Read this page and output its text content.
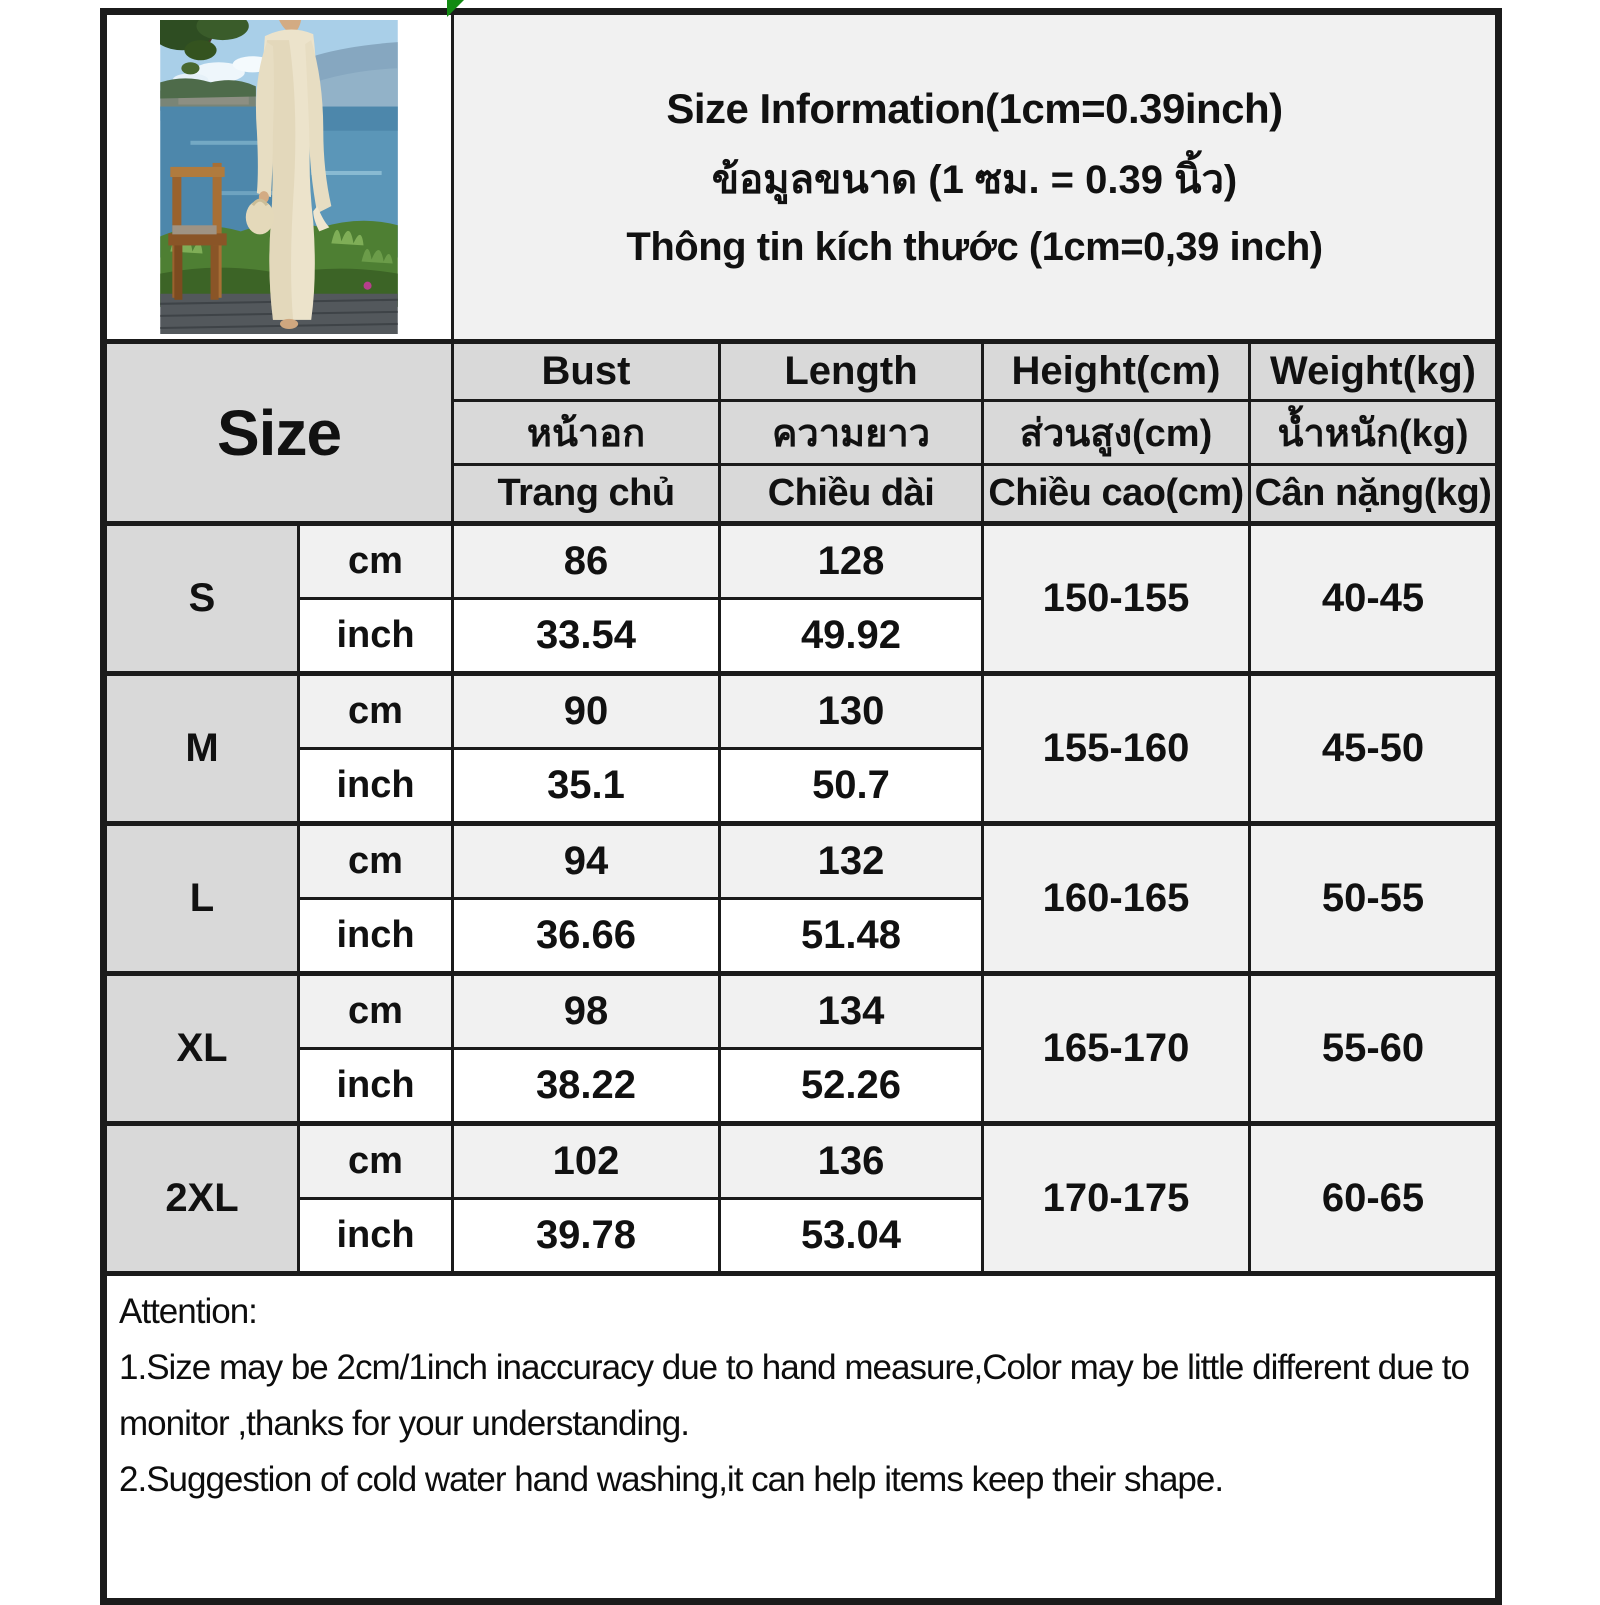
Size Information(1cm=0.39inch)
ข้อมูลขนาด (1 ซม. = 0.39 นิ้ว)
Thông tin kích thước (1cm=0,39 inch)			

Size		Bust	Length	Height(cm)	Weight(kg)
		หน้าอก	ความยาว	ส่วนสูง(cm)	น้ำหนัก(kg)
		Trang chủ	Chiều dài	Chiều cao(cm)	Cân nặng(kg)
S	cm	86	128	150-155	40-45
	inch	33.54	49.92		
M	cm	90	130	155-160	45-50
	inch	35.1	50.7		
L	cm	94	132	160-165	50-55
	inch	36.66	51.48		
XL	cm	98	134	165-170	55-60
	inch	38.22	52.26		
2XL	cm	102	136	170-175	60-65
	inch	39.78	53.04		

Attention:
1.Size may be 2cm/1inch inaccuracy due to hand measure,Color may be little different due to monitor ,thanks for your understanding.
2.Suggestion of cold water hand washing,it can help items keep their shape.					
